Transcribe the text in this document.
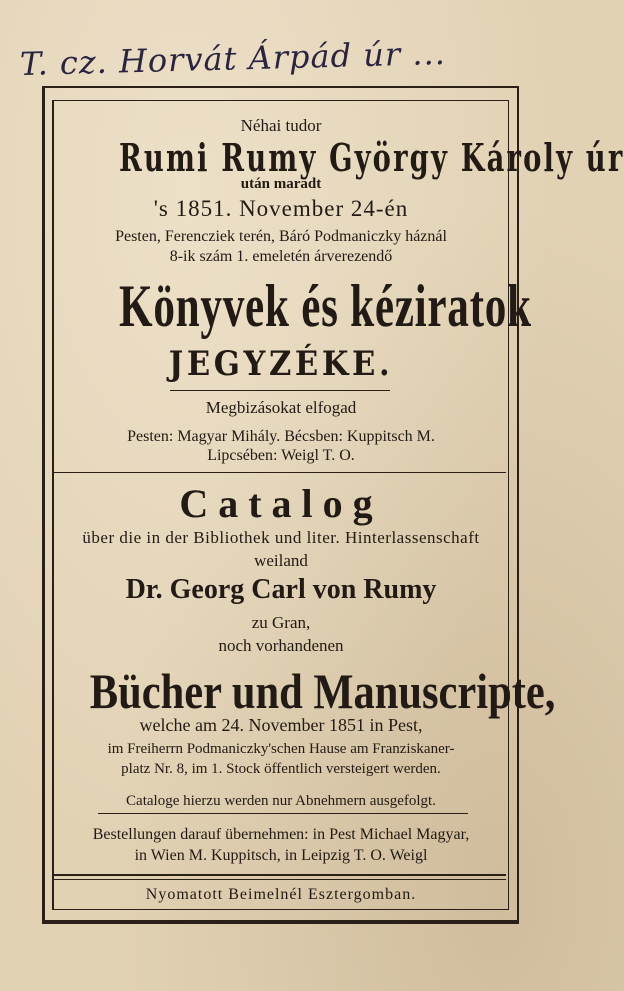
T. cz. Horvát Árpád úr ...
Néhai tudor
Rumi Rumy György Károly úr
után maradt
's 1851. November 24-én
Pesten, Ferencziek terén, Báró Podmaniczky háznál
8-ik szám 1. emeletén árverezendő
Könyvek és kéziratok
JEGYZÉKE.
Megbizásokat elfogad
Pesten: Magyar Mihály. Bécsben: Kuppitsch M.
Lipcsében: Weigl T. O.
Catalog
über die in der Bibliothek und liter. Hinterlassenschaft
weiland
Dr. Georg Carl von Rumy
zu Gran,
noch vorhandenen
Bücher und Manuscripte,
welche am 24. November 1851 in Pest,
im Freiherrn Podmaniczky'schen Hause am Franziskaner-
platz Nr. 8, im 1. Stock öffentlich versteigert werden.
Cataloge hierzu werden nur Abnehmern ausgefolgt.
Bestellungen darauf übernehmen: in Pest Michael Magyar,
in Wien M. Kuppitsch, in Leipzig T. O. Weigl
Nyomatott Beimelnél Esztergomban.
